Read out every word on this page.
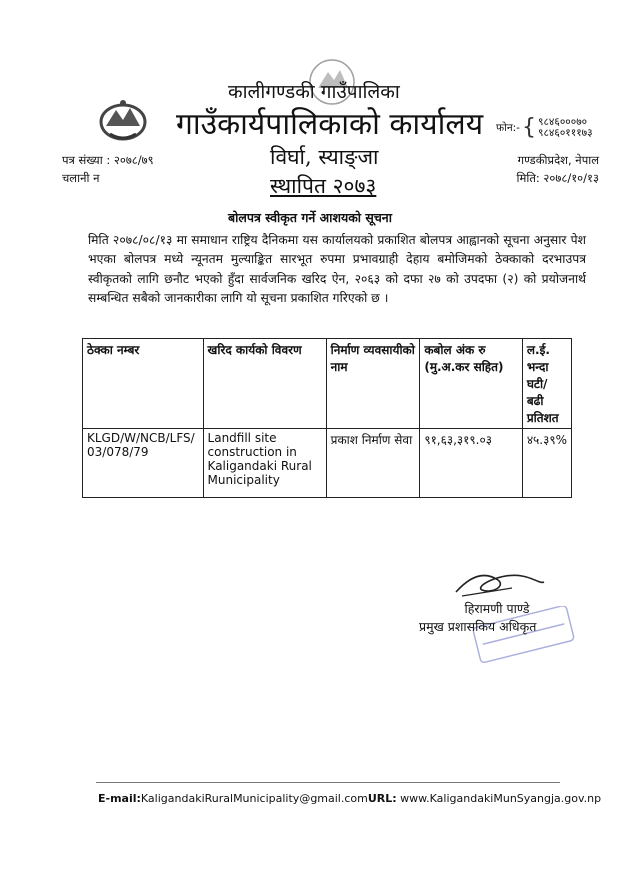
कालीगण्डकी गाउँपालिका
गाउँकार्यपालिकाको कार्यालय
विर्घा, स्याङ्जा
स्थापित २०७३
पत्र संख्या : २०७८/७९
चलानी न
फोन:- { ९८४६०००७०
९८४६०१११७३
गण्डकीप्रदेश, नेपाल
मिति: २०७८/१०/१३
बोलपत्र स्वीकृत गर्ने आशयको सूचना
मिति २०७८/०८/१३ मा समाधान राष्ट्रिय दैनिकमा यस कार्यालयको प्रकाशित बोलपत्र आह्वानको सूचना अनुसार पेश भएका बोलपत्र मध्ये न्यूनतम मुल्याङ्कित सारभूत रुपमा प्रभावग्राही देहाय बमोजिमको ठेक्काको दरभाउपत्र स्वीकृतको लागि छनौट भएको हुँदा सार्वजनिक खरिद ऐन, २०६३ को दफा २७ को उपदफा (२) को प्रयोजनार्थ सम्बन्धित सबैको जानकारीका लागि यो सूचना प्रकाशित गरिएको छ ।
ठेक्का नम्बर	खरिद कार्यको विवरण	निर्माण व्यवसायीको नाम	कबोल अंक रु (मु.अ.कर सहित)	ल.ई. भन्दा घटी/ बढी प्रतिशत
KLGD/W/NCB/LFS/03/078/79	Landfill site construction in Kaligandaki Rural Municipality	प्रकाश निर्माण सेवा	९१,६३,३१९.०३	४५.३९%
हिरामणी पाण्डे
प्रमुख प्रशासकिय अधिकृत
E-mail:KaligandakiRuralMunicipality@gmail.comURL: www.KaligandakiMunSyangja.gov.np
